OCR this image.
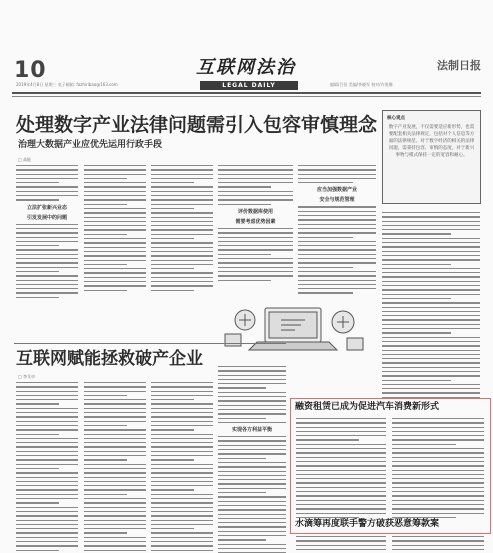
10
2019年4月8日 星期三 电子邮箱: fazhiribao@163.com
互联网法治
LEGAL DAILY	编辑/吕恒 美编/李晓军 校对/许黑娜
法制日报
处理数字产业法律问题需引入包容审慎理念
治理大数据产业应优先运用行政手段
核心观点
数字产业发展，不仅需要适应新形势，也需要配套相关法律规定，包括对个人信息等方面的法律规范。对于数字经济的相关的法律问题，需秉持包容、审慎的态度，对于新兴事物与模式保持一定的宽容和耐心。
□ 高能
立法扩张新兴业态
引发发展中的问题
评价数据库使用
需要考虑优势因素
应当加强数据产业
安全与规范管理
互联网赋能拯救破产企业
□ 李艾卓
实现各方利益平衡
融资租赁已成为促进汽车消费新形式
水滴筹再度联手警方破获恶意筹款案
